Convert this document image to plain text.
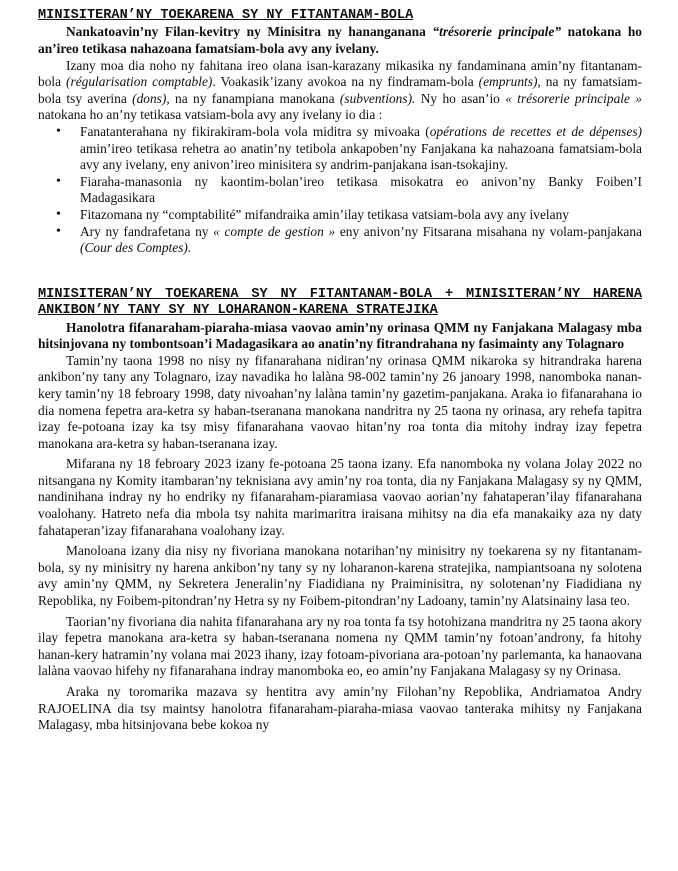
MINISITERAN’NY TOEKARENA SY NY FITANTANAM-BOLA

Nankatoavin’ny Filan-kevitry ny Minisitra ny hananganana “trésorerie principale” natokana ho an’ireo tetikasa nahazoana famatsiam-bola avy any ivelany.

Izany moa dia noho ny fahitana ireo olana isan-karazany mikasika ny fandaminana amin’ny fitantanam-bola (régularisation comptable). Voakasik’izany avokoa na ny findramam-bola (emprunts), na ny famatsiam-bola tsy averina (dons), na ny fanampiana manokana (subventions). Ny ho asan’io « trésorerie principale » natokana ho an’ny tetikasa vatsiam-bola avy any ivelany io dia :

• Fanatanterahana ny fikirakiram-bola vola miditra sy mivoaka (opérations de recettes et de dépenses) amin’ireo tetikasa rehetra ao anatin’ny tetibola ankapoben’ny Fanjakana ka nahazoana famatsiam-bola avy any ivelany, eny anivon’ireo minisitera sy andrim-panjakana isan-tsokajiny.
• Fiaraha-manasonia ny kaontim-bolan’ireo tetikasa misokatra eo anivon’ny Banky Foiben’I Madagasikara
• Fitazomana ny “comptabilité” mifandraika amin’ilay tetikasa vatsiam-bola avy any ivelany
• Ary ny fandrafetana ny « compte de gestion » eny anivon’ny Fitsarana misahana ny volam-panjakana (Cour des Comptes).

MINISITERAN’NY TOEKARENA SY NY FITANTANAM-BOLA + MINISITERAN’NY HARENA ANKIBON’NY TANY SY NY LOHARANON-KARENA STRATEJIKA

Hanolotra fifanaraham-piaraha-miasa vaovao amin’ny orinasa QMM ny Fanjakana Malagasy mba hitsinjovana ny tombontsoan’i Madagasikara ao anatin’ny fitrandrahana ny fasimainty any Tolagnaro

Tamin’ny taona 1998 no nisy ny fifanarahana nidiran’ny orinasa QMM nikaroka sy hitrandraka harena ankibon’ny tany any Tolagnaro, izay navadika ho lalàna 98-002 tamin’ny 26 janoary 1998, nanomboka nanan-kery tamin’ny 18 febroary 1998, daty nivoahan’ny lalàna tamin’ny gazetim-panjakana. Araka io fifanarahana io dia nomena fepetra ara-ketra sy haban-tseranana manokana nandritra ny 25 taona ny orinasa, ary rehefa tapitra izay fe-potoana izay ka tsy misy fifanarahana vaovao hitan’ny roa tonta dia mitohy indray izay fepetra manokana ara-ketra sy haban-tseranana izay.

Mifarana ny 18 febroary 2023 izany fe-potoana 25 taona izany. Efa nanomboka ny volana Jolay 2022 no nitsangana ny Komity itambaran’ny teknisiana avy amin’ny roa tonta, dia ny Fanjakana Malagasy sy ny QMM, nandinihana indray ny ho endriky ny fifanaraham-piaramiasa vaovao aorian’ny fahataperan’ilay fifanarahana voalohany. Hatreto nefa dia mbola tsy nahita marimaritra iraisana mihitsy na dia efa manakaiky aza ny daty fahataperan’izay fifanarahana voalohany izay.

Manoloana izany dia nisy ny fivoriana manokana notarihan’ny minisitry ny toekarena sy ny fitantanam-bola, sy ny minisitry ny harena ankibon’ny tany sy ny loharanon-karena stratejika, nampiantsoana ny solotena avy amin’ny QMM, ny Sekretera Jeneralin’ny Fiadidiana ny Praiminisitra, ny solotenan’ny Fiadidiana ny Repoblika, ny Foibem-pitondran’ny Hetra sy ny Foibem-pitondran’ny Ladoany, tamin’ny Alatsinainy lasa teo.

Taorian’ny fivoriana dia nahita fifanarahana ary ny roa tonta fa tsy hotohizana mandritra ny 25 taona akory ilay fepetra manokana ara-ketra sy haban-tseranana nomena ny QMM tamin’ny fotoan’androny, fa hitohy hanan-kery hatramin’ny volana mai 2023 ihany, izay fotoam-pivoriana ara-potoan’ny parlemanta, ka hanaovana lalàna vaovao hifehy ny fifanarahana indray manomboka eo, eo amin’ny Fanjakana Malagasy sy ny Orinasa.

Araka ny toromarika mazava sy hentitra avy amin’ny Filohan’ny Repoblika, Andriamatoa Andry RAJOELINA dia tsy maintsy hanolotra fifanaraham-piaraha-miasa vaovao tanteraka mihitsy ny Fanjakana Malagasy, mba hitsinjovana bebe kokoa ny
